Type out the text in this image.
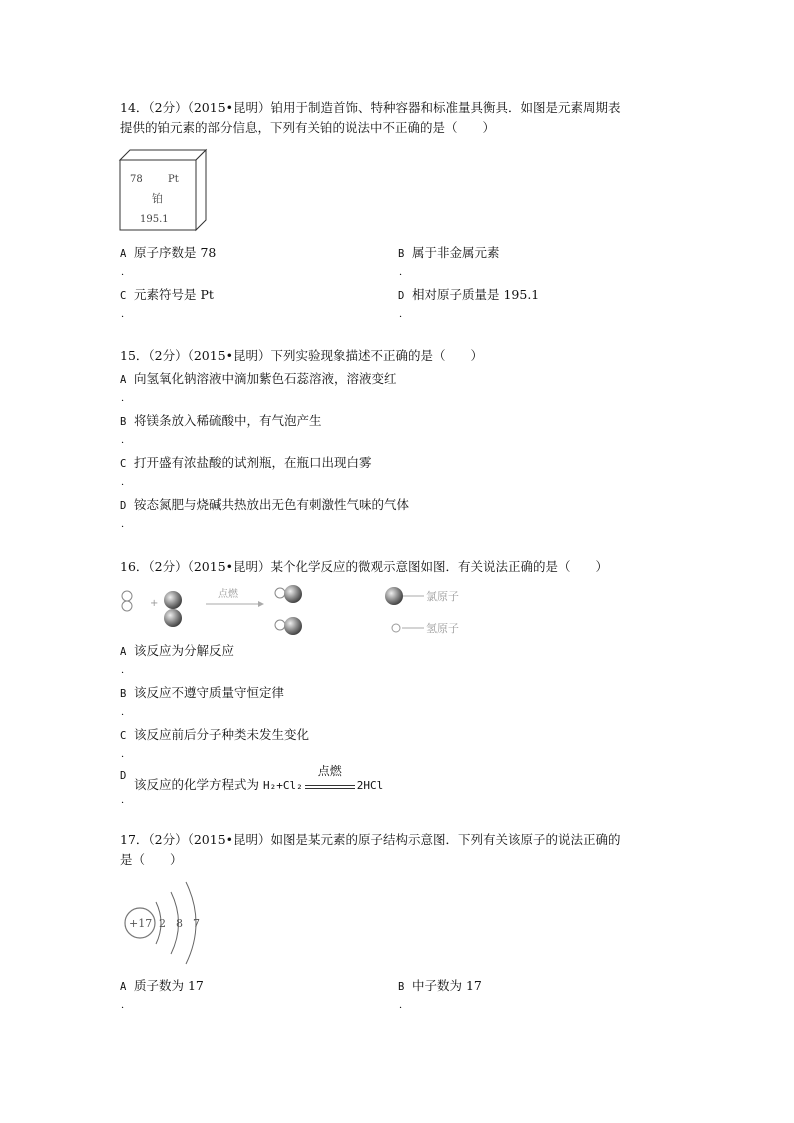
14．（2分）（2015•昆明）铂用于制造首饰、特种容器和标准量具衡具．如图是元素周期表
提供的铂元素的部分信息，下列有关铂的说法中不正确的是（　　）
78	Pt
铂
195.1
A 原子序数是 78
．
B 属于非金属元素
．
C 元素符号是 Pt
．
D 相对原子质量是 195.1
．
15．（2分）（2015•昆明）下列实验现象描述不正确的是（　　）
A 向氢氧化钠溶液中滴加紫色石蕊溶液，溶液变红
．
B 将镁条放入稀硫酸中，有气泡产生
．
C 打开盛有浓盐酸的试剂瓶，在瓶口出现白雾
．
D 铵态氮肥与烧碱共热放出无色有刺激性气味的气体
．
16．（2分）（2015•昆明）某个化学反应的微观示意图如图．有关说法正确的是（　　）
+
点燃	氯原子
氢原子
A 该反应为分解反应
．
B 该反应不遵守质量守恒定律
．
C 该反应前后分子种类未发生变化
．
D
该反应的化学方程式为 H₂+Cl₂
点燃
2HCl
．
17．（2分）（2015•昆明）如图是某元素的原子结构示意图．下列有关该原子的说法正确的
是（　　）
+17 2 8 7
A 质子数为 17
．
B 中子数为 17
．
